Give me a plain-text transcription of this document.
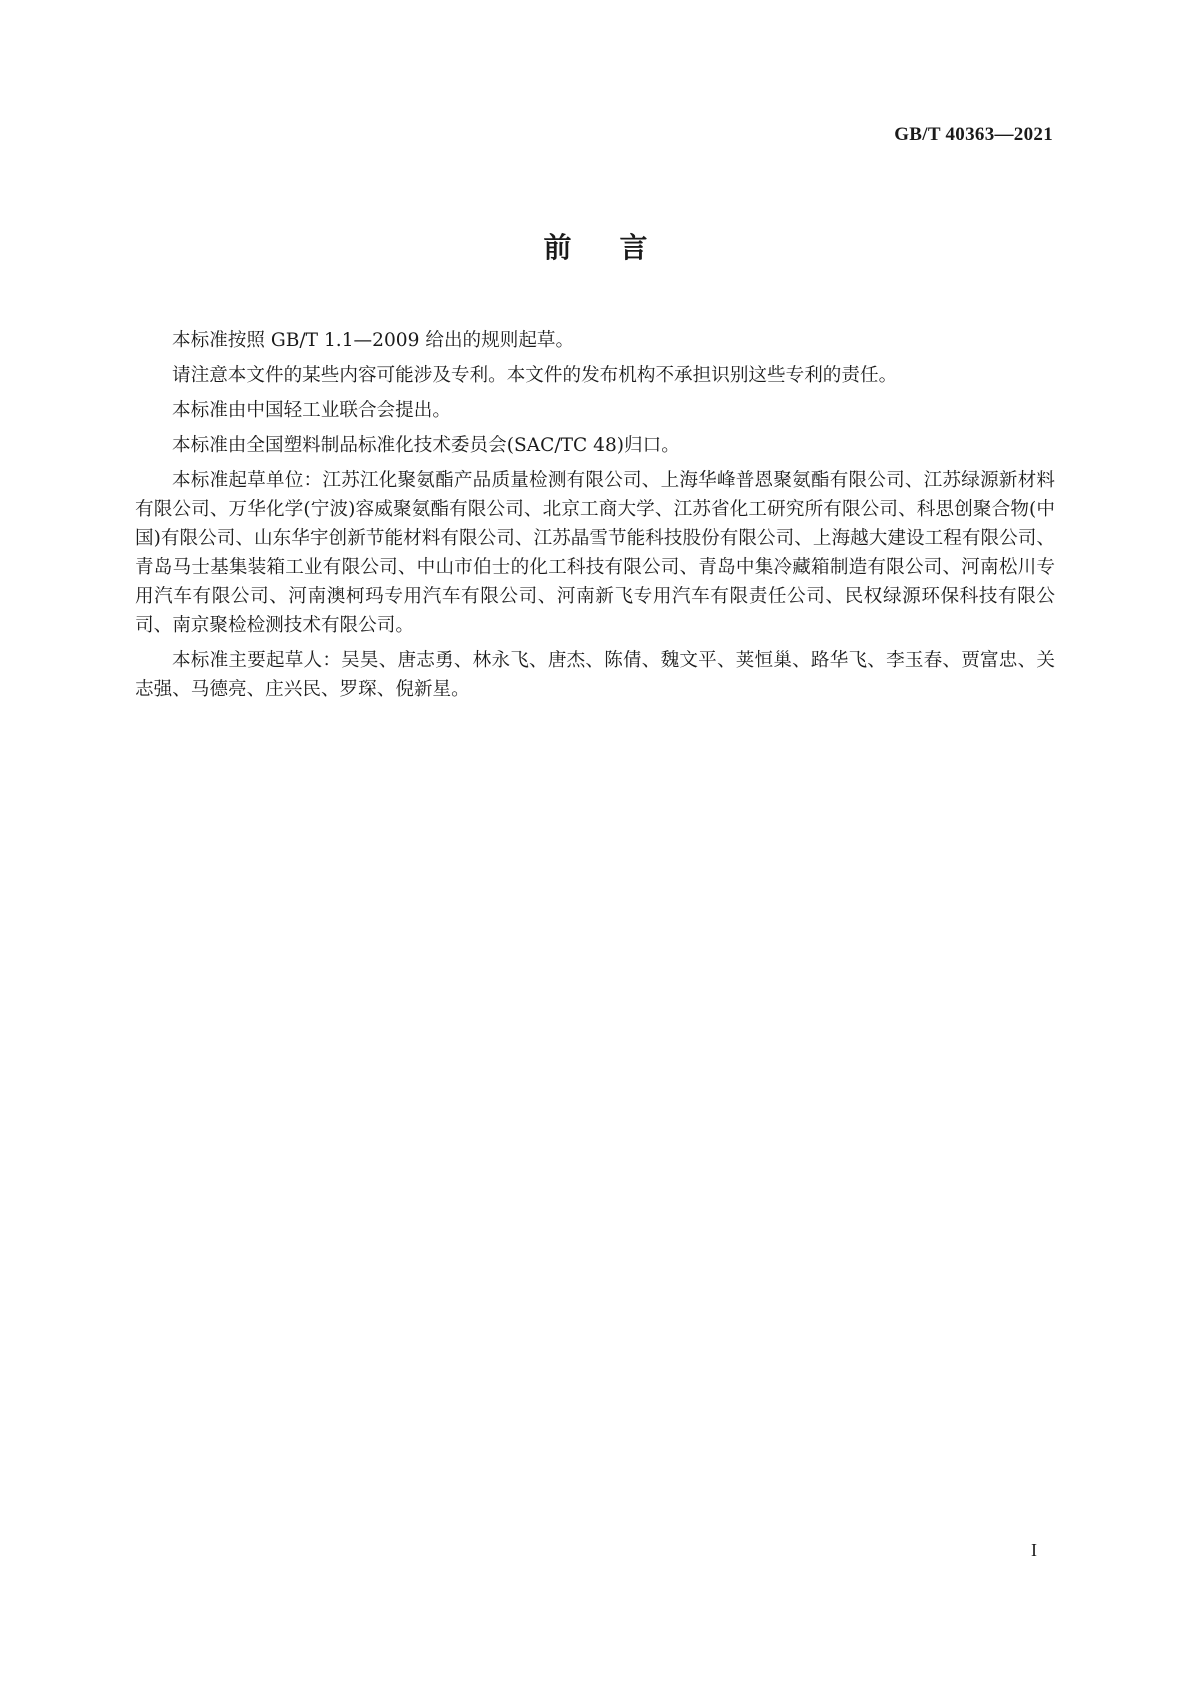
GB/T 40363—2021
前言

本标准按照 GB/T 1.1—2009 给出的规则起草。

请注意本文件的某些内容可能涉及专利。本文件的发布机构不承担识别这些专利的责任。

本标准由中国轻工业联合会提出。

本标准由全国塑料制品标准化技术委员会(SAC/TC 48)归口。

本标准起草单位：江苏江化聚氨酯产品质量检测有限公司、上海华峰普恩聚氨酯有限公司、江苏绿源新材料有限公司、万华化学(宁波)容威聚氨酯有限公司、北京工商大学、江苏省化工研究所有限公司、科思创聚合物(中国)有限公司、山东华宇创新节能材料有限公司、江苏晶雪节能科技股份有限公司、上海越大建设工程有限公司、青岛马士基集装箱工业有限公司、中山市伯士的化工科技有限公司、青岛中集冷藏箱制造有限公司、河南松川专用汽车有限公司、河南澳柯玛专用汽车有限公司、河南新飞专用汽车有限责任公司、民权绿源环保科技有限公司、南京聚检检测技术有限公司。

本标准主要起草人：吴昊、唐志勇、林永飞、唐杰、陈倩、魏文平、荚恒巢、路华飞、李玉春、贾富忠、关志强、马德亮、庄兴民、罗琛、倪新星。

I
